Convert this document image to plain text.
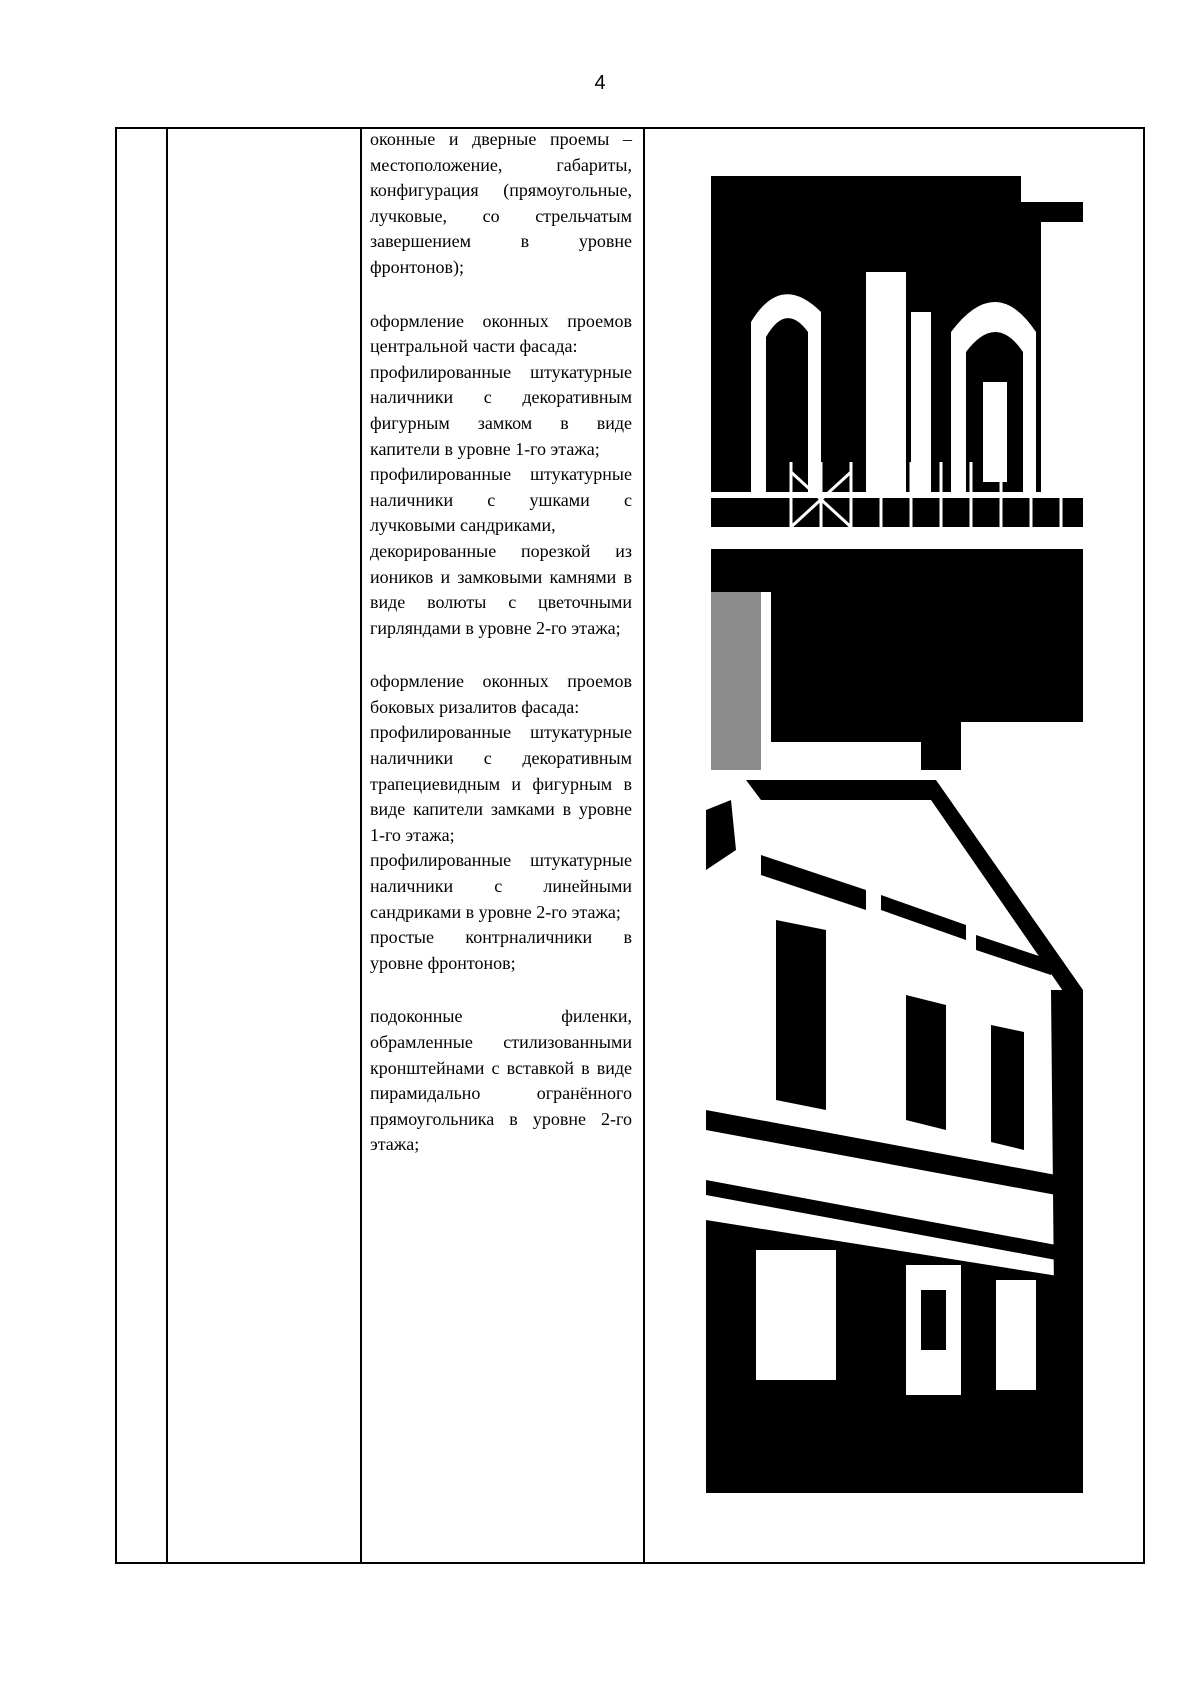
4

оконные и дверные проемы – местоположение, габариты, конфигурация (прямоугольные, лучковые, со стрельчатым завершением в уровне фронтонов);

оформление оконных проемов центральной части фасада:

профилированные штукатурные наличники с декоративным фигурным замком в виде капители в уровне 1-го этажа;

профилированные штукатурные наличники с ушками с лучковыми сандриками,

декорированные порезкой из иоников и замковыми камнями в виде волюты с цветочными гирляндами в уровне 2-го этажа;

оформление оконных проемов боковых ризалитов фасада:

профилированные штукатурные наличники с декоративным трапециевидным и фигурным в виде капители замками в уровне 1-го этажа;

профилированные штукатурные наличники с линейными сандриками в уровне 2-го этажа;

простые контрналичники в уровне фронтонов;

подоконные филенки, обрамленные стилизованными кронштейнами с вставкой в виде пирамидально огранённого прямоугольника в уровне 2-го этажа;
